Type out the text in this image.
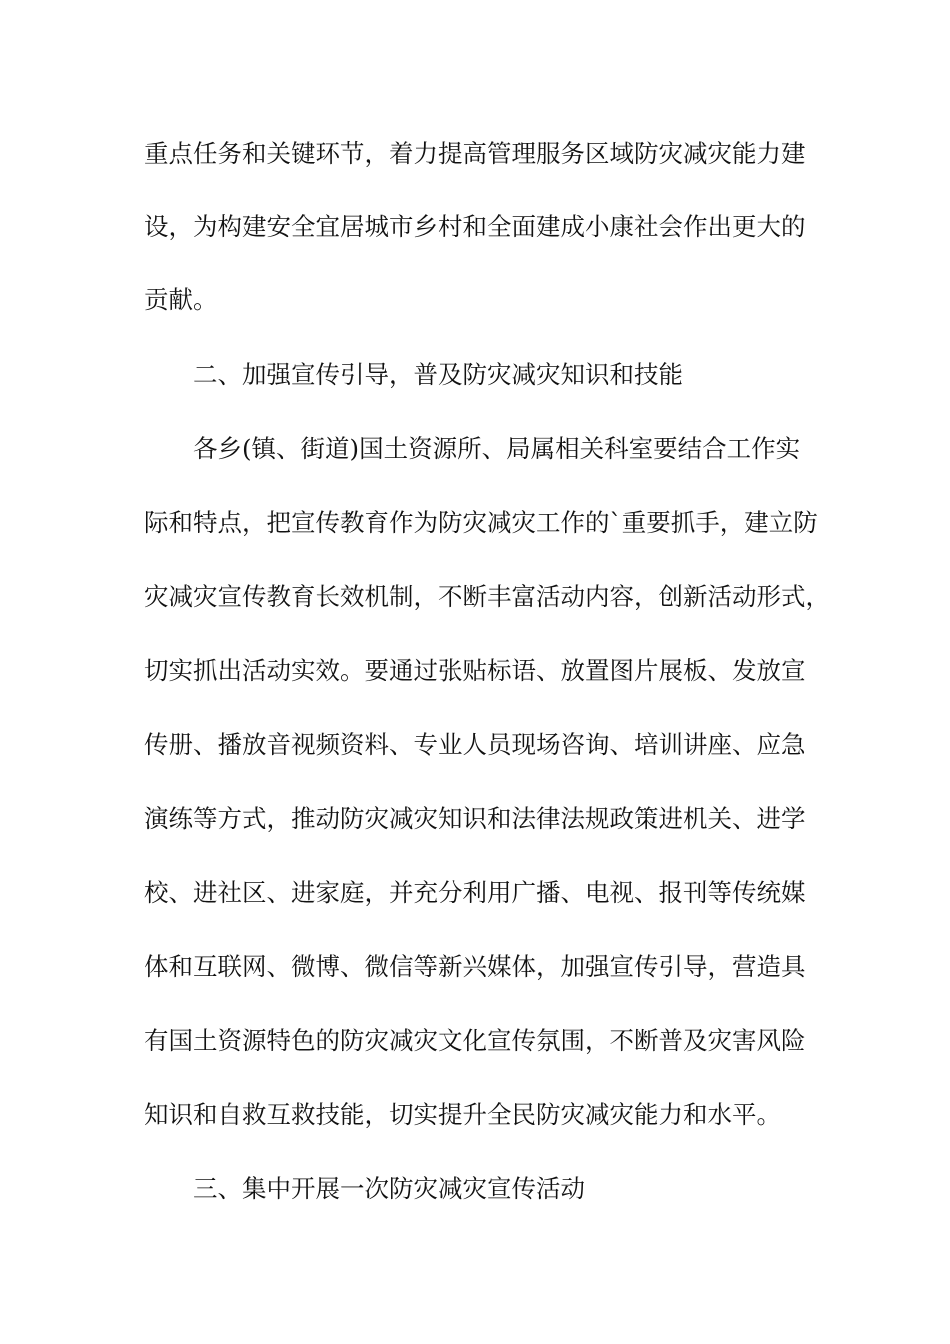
重点任务和关键环节，着力提高管理服务区域防灾减灾能力建
设，为构建安全宜居城市乡村和全面建成小康社会作出更大的
贡献。
二、加强宣传引导，普及防灾减灾知识和技能
各乡(镇、街道)国土资源所、局属相关科室要结合工作实
际和特点，把宣传教育作为防灾减灾工作的`重要抓手，建立防
灾减灾宣传教育长效机制，不断丰富活动内容，创新活动形式，
切实抓出活动实效。要通过张贴标语、放置图片展板、发放宣
传册、播放音视频资料、专业人员现场咨询、培训讲座、应急
演练等方式，推动防灾减灾知识和法律法规政策进机关、进学
校、进社区、进家庭，并充分利用广播、电视、报刊等传统媒
体和互联网、微博、微信等新兴媒体，加强宣传引导，营造具
有国土资源特色的防灾减灾文化宣传氛围，不断普及灾害风险
知识和自救互救技能，切实提升全民防灾减灾能力和水平。
三、集中开展一次防灾减灾宣传活动
